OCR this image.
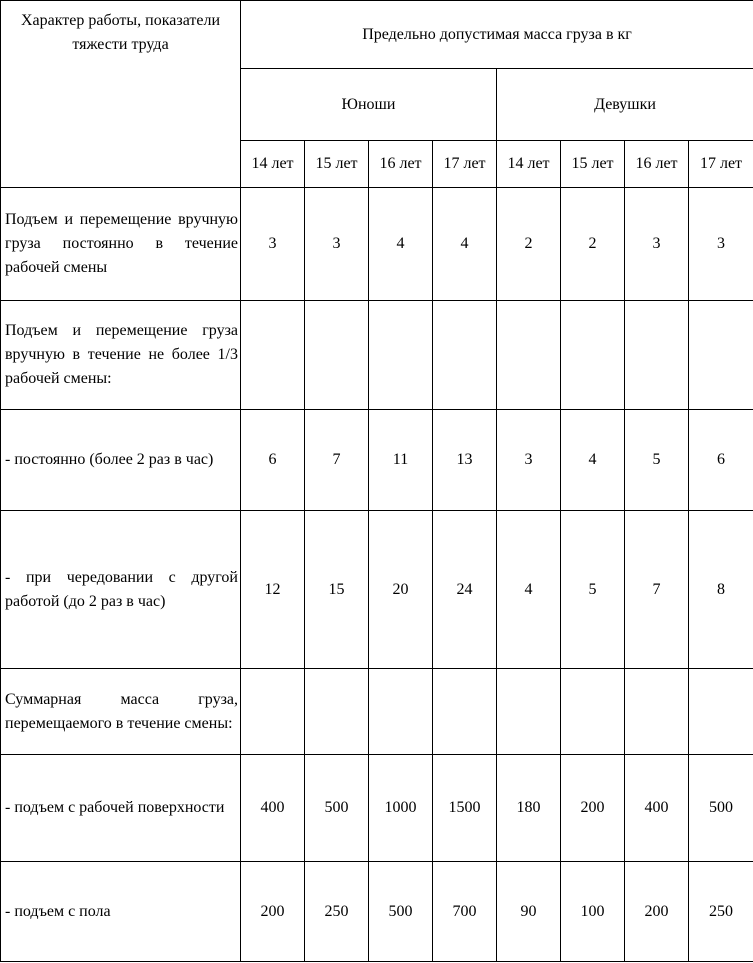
Характер работы, показатели тяжести труда	Предельно допустимая масса груза в кг							
	Юноши				Девушки			
	14 лет	15 лет	16 лет	17 лет	14 лет	15 лет	16 лет	17 лет
Подъем и перемещение вручную груза постоянно в течение рабочей смены	3	3	4	4	2	2	3	3
Подъем и перемещение груза вручную в течение не более 1/3 рабочей смены:								
- постоянно (более 2 раз в час)	6	7	11	13	3	4	5	6
- при чередовании с другой работой (до 2 раз в час)	12	15	20	24	4	5	7	8
Суммарная масса груза, перемещаемого в течение смены:								
- подъем с рабочей поверхности	400	500	1000	1500	180	200	400	500
- подъем с пола	200	250	500	700	90	100	200	250
